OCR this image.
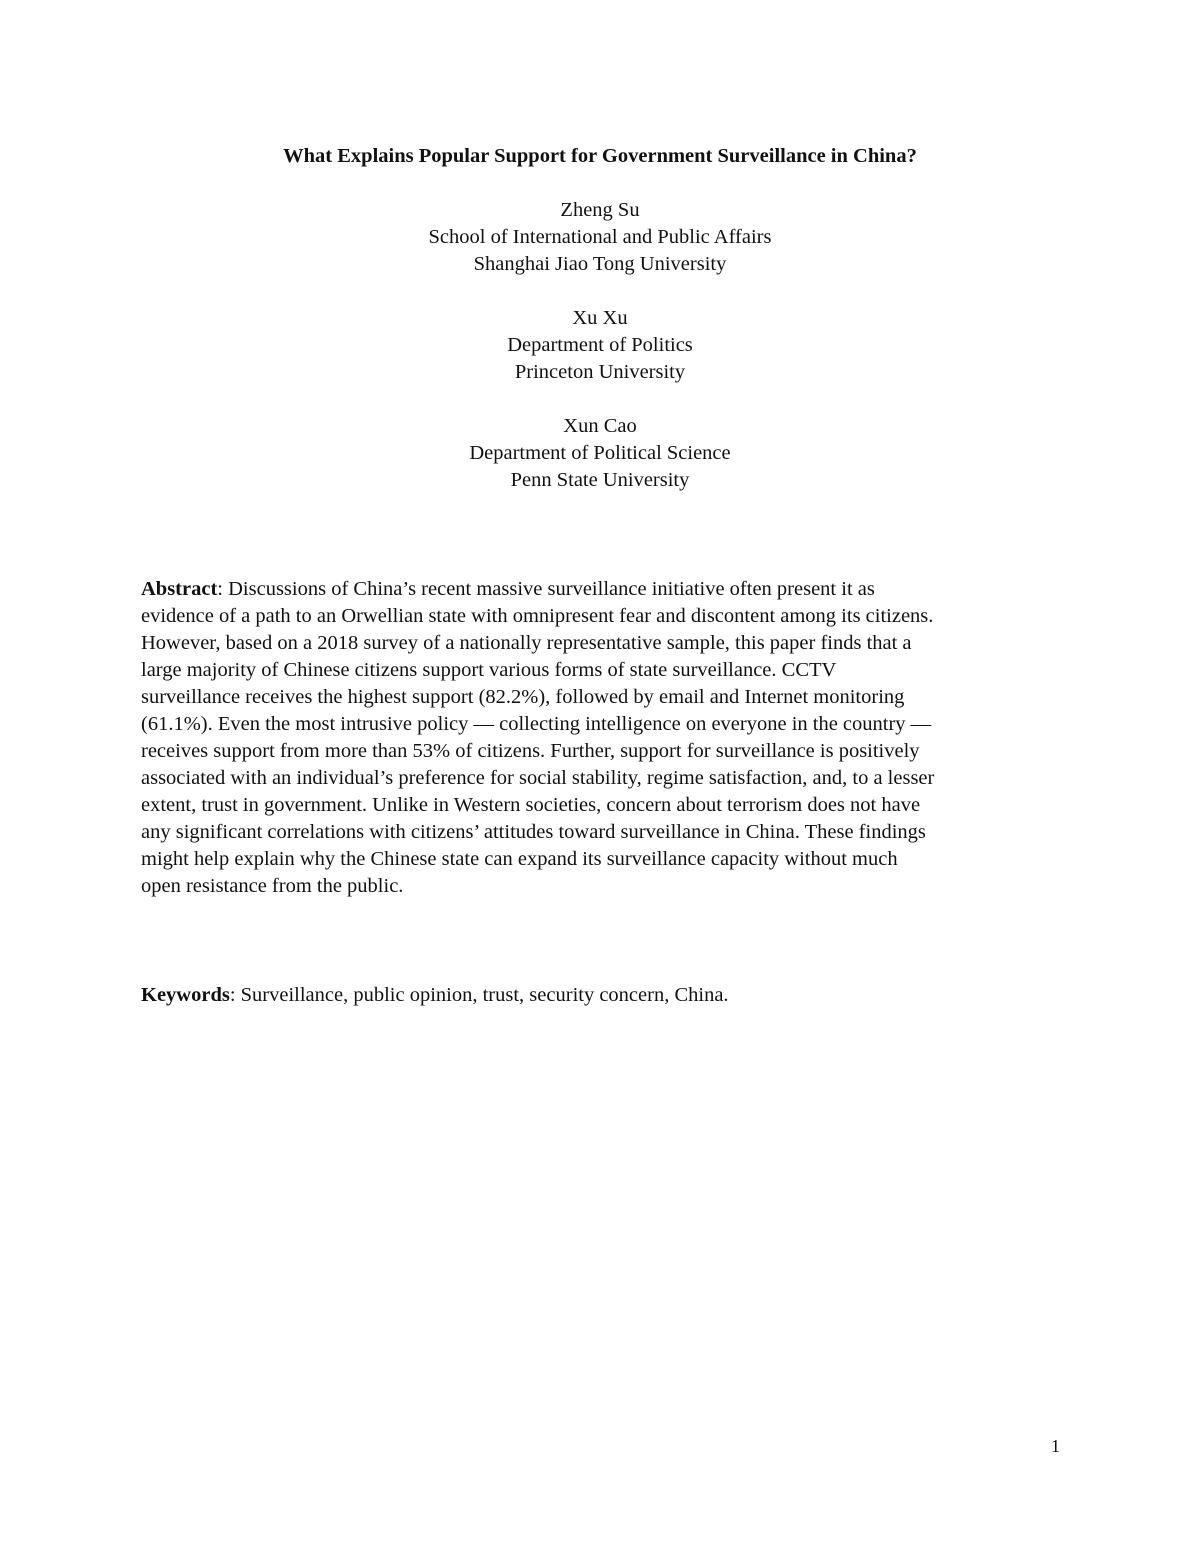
What Explains Popular Support for Government Surveillance in China?
Zheng Su
School of International and Public Affairs
Shanghai Jiao Tong University
Xu Xu
Department of Politics
Princeton University
Xun Cao
Department of Political Science
Penn State University
Abstract: Discussions of China’s recent massive surveillance initiative often present it as
evidence of a path to an Orwellian state with omnipresent fear and discontent among its citizens.
However, based on a 2018 survey of a nationally representative sample, this paper finds that a
large majority of Chinese citizens support various forms of state surveillance. CCTV
surveillance receives the highest support (82.2%), followed by email and Internet monitoring
(61.1%). Even the most intrusive policy — collecting intelligence on everyone in the country —
receives support from more than 53% of citizens. Further, support for surveillance is positively
associated with an individual’s preference for social stability, regime satisfaction, and, to a lesser
extent, trust in government. Unlike in Western societies, concern about terrorism does not have
any significant correlations with citizens’ attitudes toward surveillance in China. These findings
might help explain why the Chinese state can expand its surveillance capacity without much
open resistance from the public.

Keywords: Surveillance, public opinion, trust, security concern, China.

1
